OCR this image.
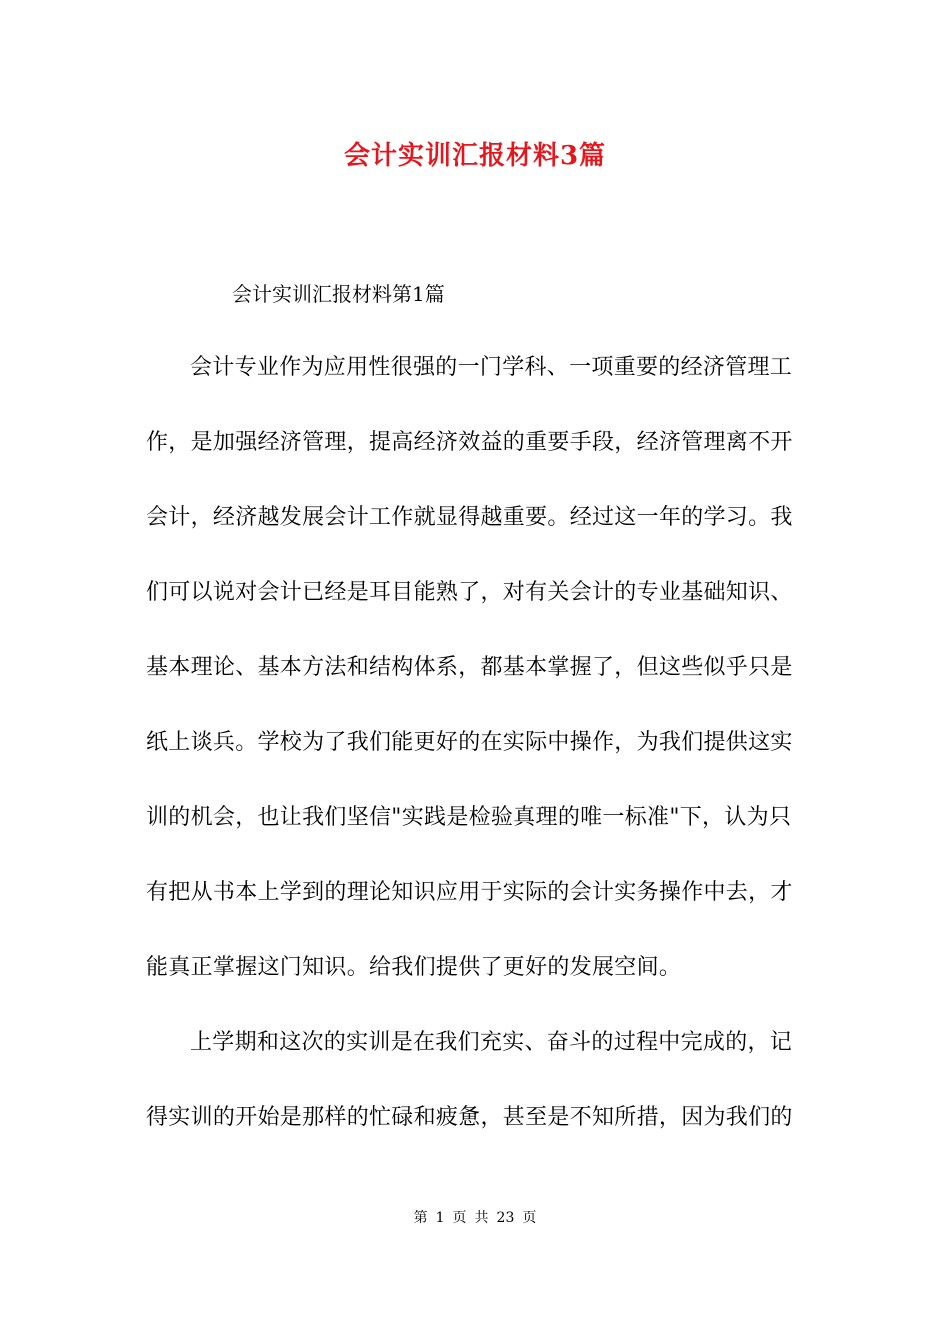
会计实训汇报材料3篇
会计实训汇报材料第1篇
会计专业作为应用性很强的一门学科、一项重要的经济管理工
作，是加强经济管理，提高经济效益的重要手段，经济管理离不开
会计，经济越发展会计工作就显得越重要。经过这一年的学习。我
们可以说对会计已经是耳目能熟了，对有关会计的专业基础知识、
基本理论、基本方法和结构体系，都基本掌握了，但这些似乎只是
纸上谈兵。学校为了我们能更好的在实际中操作，为我们提供这实
训的机会，也让我们坚信"实践是检验真理的唯一标准"下，认为只
有把从书本上学到的理论知识应用于实际的会计实务操作中去，才
能真正掌握这门知识。给我们提供了更好的发展空间。
上学期和这次的实训是在我们充实、奋斗的过程中完成的，记
得实训的开始是那样的忙碌和疲惫，甚至是不知所措，因为我们的
第 1 页 共 23 页
